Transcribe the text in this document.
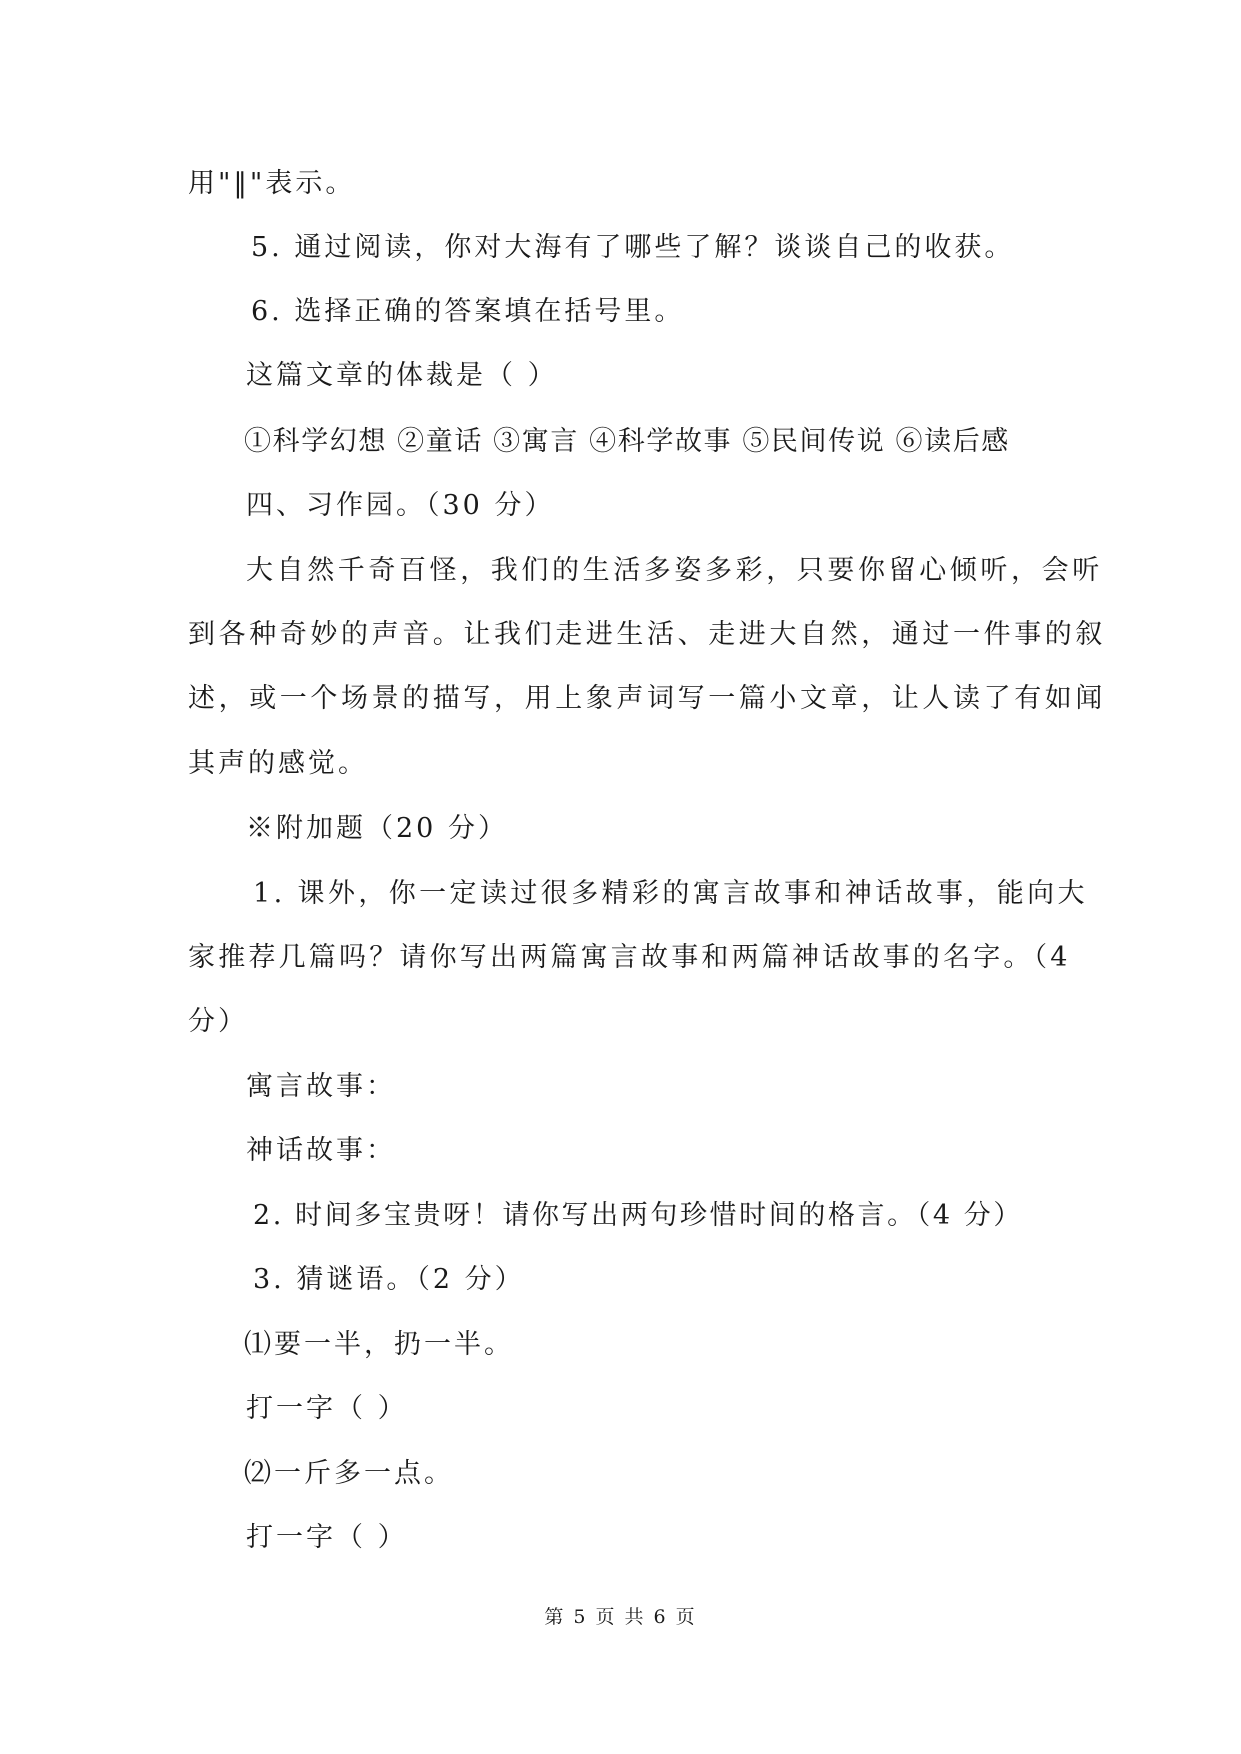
用"‖"表示。

5. 通过阅读，你对大海有了哪些了解？谈谈自己的收获。

6. 选择正确的答案填在括号里。

这篇文章的体裁是（ ）

①科学幻想 ②童话 ③寓言 ④科学故事 ⑤民间传说 ⑥读后感

四、习作园。（30 分）

大自然千奇百怪，我们的生活多姿多彩，只要你留心倾听，会听

到各种奇妙的声音。让我们走进生活、走进大自然，通过一件事的叙

述，或一个场景的描写，用上象声词写一篇小文章，让人读了有如闻

其声的感觉。

※附加题（20 分）

1. 课外，你一定读过很多精彩的寓言故事和神话故事，能向大

家推荐几篇吗？请你写出两篇寓言故事和两篇神话故事的名字。（4

分）

寓言故事：

神话故事：

2. 时间多宝贵呀！请你写出两句珍惜时间的格言。（4 分）

3. 猜谜语。（2 分）

⑴要一半，扔一半。

打一字（ ）

⑵一斤多一点。

打一字（ ）

第 5 页 共 6 页
